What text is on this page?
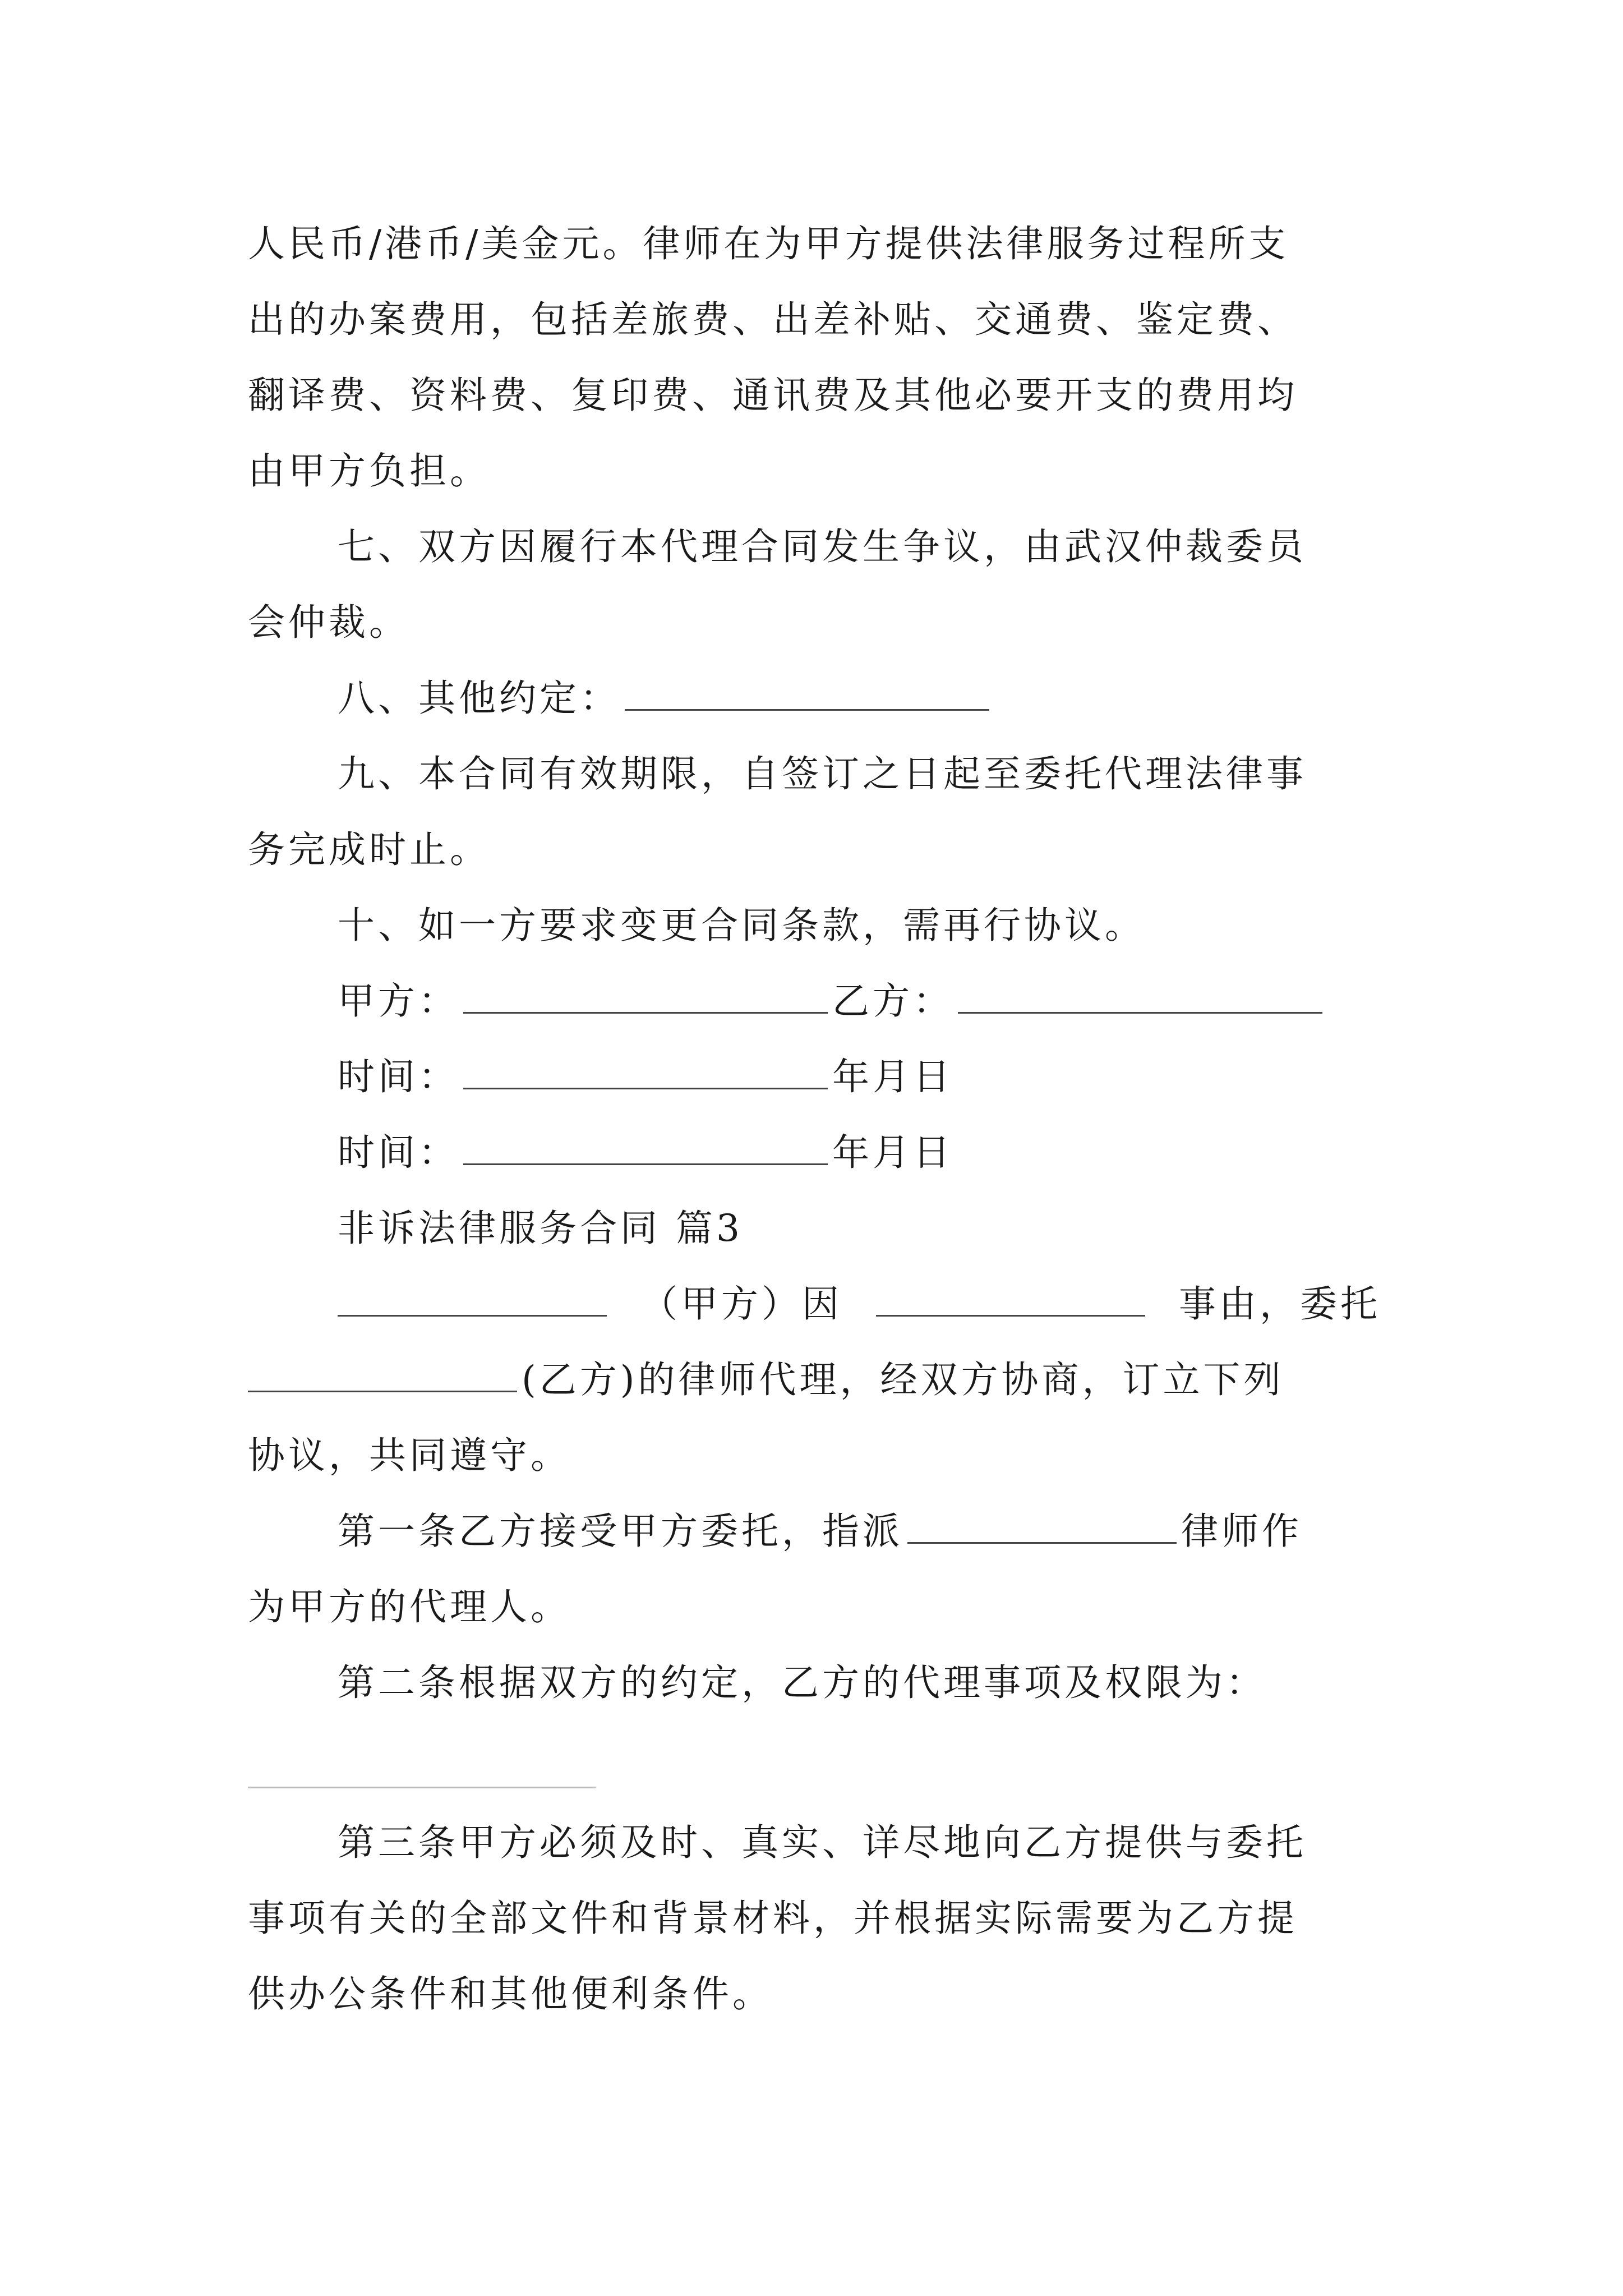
人民币/港币/美金元。律师在为甲方提供法律服务过程所支
出的办案费用，包括差旅费、出差补贴、交通费、鉴定费、
翻译费、资料费、复印费、通讯费及其他必要开支的费用均
由甲方负担。
七、双方因履行本代理合同发生争议，由武汉仲裁委员
会仲裁。
八、其他约定：
九、本合同有效期限，自签订之日起至委托代理法律事
务完成时止。
十、如一方要求变更合同条款，需再行协议。
甲方：	乙方：
时间：	年月日
时间：	年月日
非诉法律服务合同 篇3
（甲方）因	事由，委托
(乙方)的律师代理，经双方协商，订立下列
协议，共同遵守。
第一条乙方接受甲方委托，指派	律师作
为甲方的代理人。
第二条根据双方的约定，乙方的代理事项及权限为：
第三条甲方必须及时、真实、详尽地向乙方提供与委托
事项有关的全部文件和背景材料，并根据实际需要为乙方提
供办公条件和其他便利条件。
